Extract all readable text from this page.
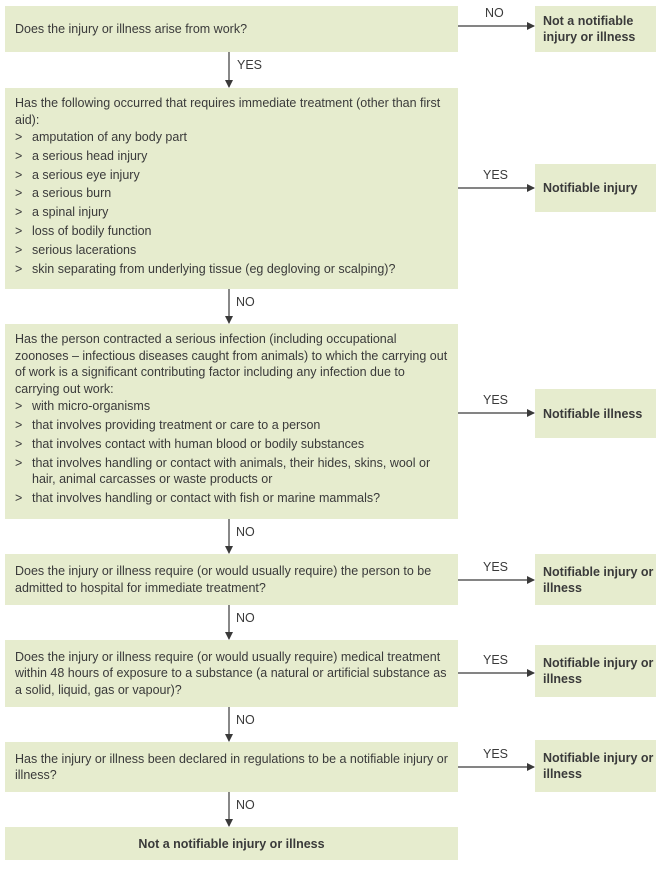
Does the injury or illness arise from work?
Has the following occurred that requires immediate treatment (other than first aid):
> amputation of any body part
> a serious head injury
> a serious eye injury
> a serious burn
> a spinal injury
> loss of bodily function
> serious lacerations
> skin separating from underlying tissue (eg degloving or scalping)?
Has the person contracted a serious infection (including occupational zoonoses – infectious diseases caught from animals) to which the carrying out of work is a significant contributing factor including any infection due to carrying out work:
> with micro-organisms
> that involves providing treatment or care to a person
> that involves contact with human blood or bodily substances
> that involves handling or contact with animals, their hides, skins, wool or hair, animal carcasses or waste products or
> that involves handling or contact with fish or marine mammals?
Does the injury or illness require (or would usually require) the person to be admitted to hospital for immediate treatment?
Does the injury or illness require (or would usually require) medical treatment within 48 hours of exposure to a substance (a natural or artificial substance as a solid, liquid, gas or vapour)?
Has the injury or illness been declared in regulations to be a notifiable injury or illness?
Not a notifiable injury or illness
Not a notifiable injury or illness
Notifiable injury
Notifiable illness
Notifiable injury or illness
Notifiable injury or illness
Notifiable injury or illness
NO
YES
YES
YES
YES
YES
YES
NO
NO
NO
NO
NO
